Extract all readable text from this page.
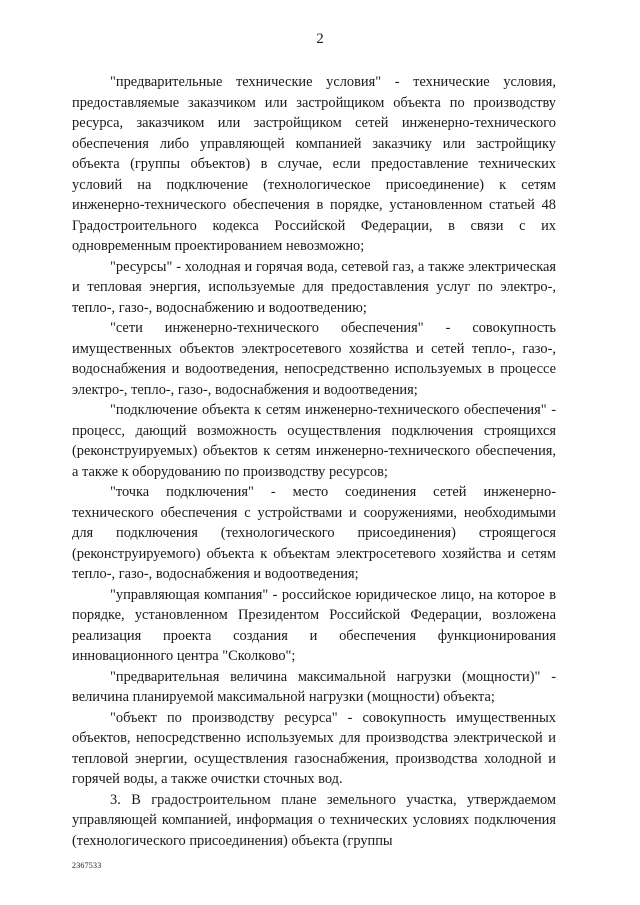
2

"предварительные технические условия" - технические условия, предоставляемые заказчиком или застройщиком объекта по производству ресурса, заказчиком или застройщиком сетей инженерно-технического обеспечения либо управляющей компанией заказчику или застройщику объекта (группы объектов) в случае, если предоставление технических условий на подключение (технологическое присоединение) к сетям инженерно-технического обеспечения в порядке, установленном статьей 48 Градостроительного кодекса Российской Федерации, в связи с их одновременным проектированием невозможно;

"ресурсы" - холодная и горячая вода, сетевой газ, а также электрическая и тепловая энергия, используемые для предоставления услуг по электро-, тепло-, газо-, водоснабжению и водоотведению;

"сети инженерно-технического обеспечения" - совокупность имущественных объектов электросетевого хозяйства и сетей тепло-, газо-, водоснабжения и водоотведения, непосредственно используемых в процессе электро-, тепло-, газо-, водоснабжения и водоотведения;

"подключение объекта к сетям инженерно-технического обеспечения" - процесс, дающий возможность осуществления подключения строящихся (реконструируемых) объектов к сетям инженерно-технического обеспечения, а также к оборудованию по производству ресурсов;

"точка подключения" - место соединения сетей инженерно-технического обеспечения с устройствами и сооружениями, необходимыми для подключения (технологического присоединения) строящегося (реконструируемого) объекта к объектам электросетевого хозяйства и сетям тепло-, газо-, водоснабжения и водоотведения;

"управляющая компания" - российское юридическое лицо, на которое в порядке, установленном Президентом Российской Федерации, возложена реализация проекта создания и обеспечения функционирования инновационного центра "Сколково";

"предварительная величина максимальной нагрузки (мощности)" - величина планируемой максимальной нагрузки (мощности) объекта;

"объект по производству ресурса" - совокупность имущественных объектов, непосредственно используемых для производства электрической и тепловой энергии, осуществления газоснабжения, производства холодной и горячей воды, а также очистки сточных вод.

3. В градостроительном плане земельного участка, утверждаемом управляющей компанией, информация о технических условиях подключения (технологического присоединения) объекта (группы

2367533
